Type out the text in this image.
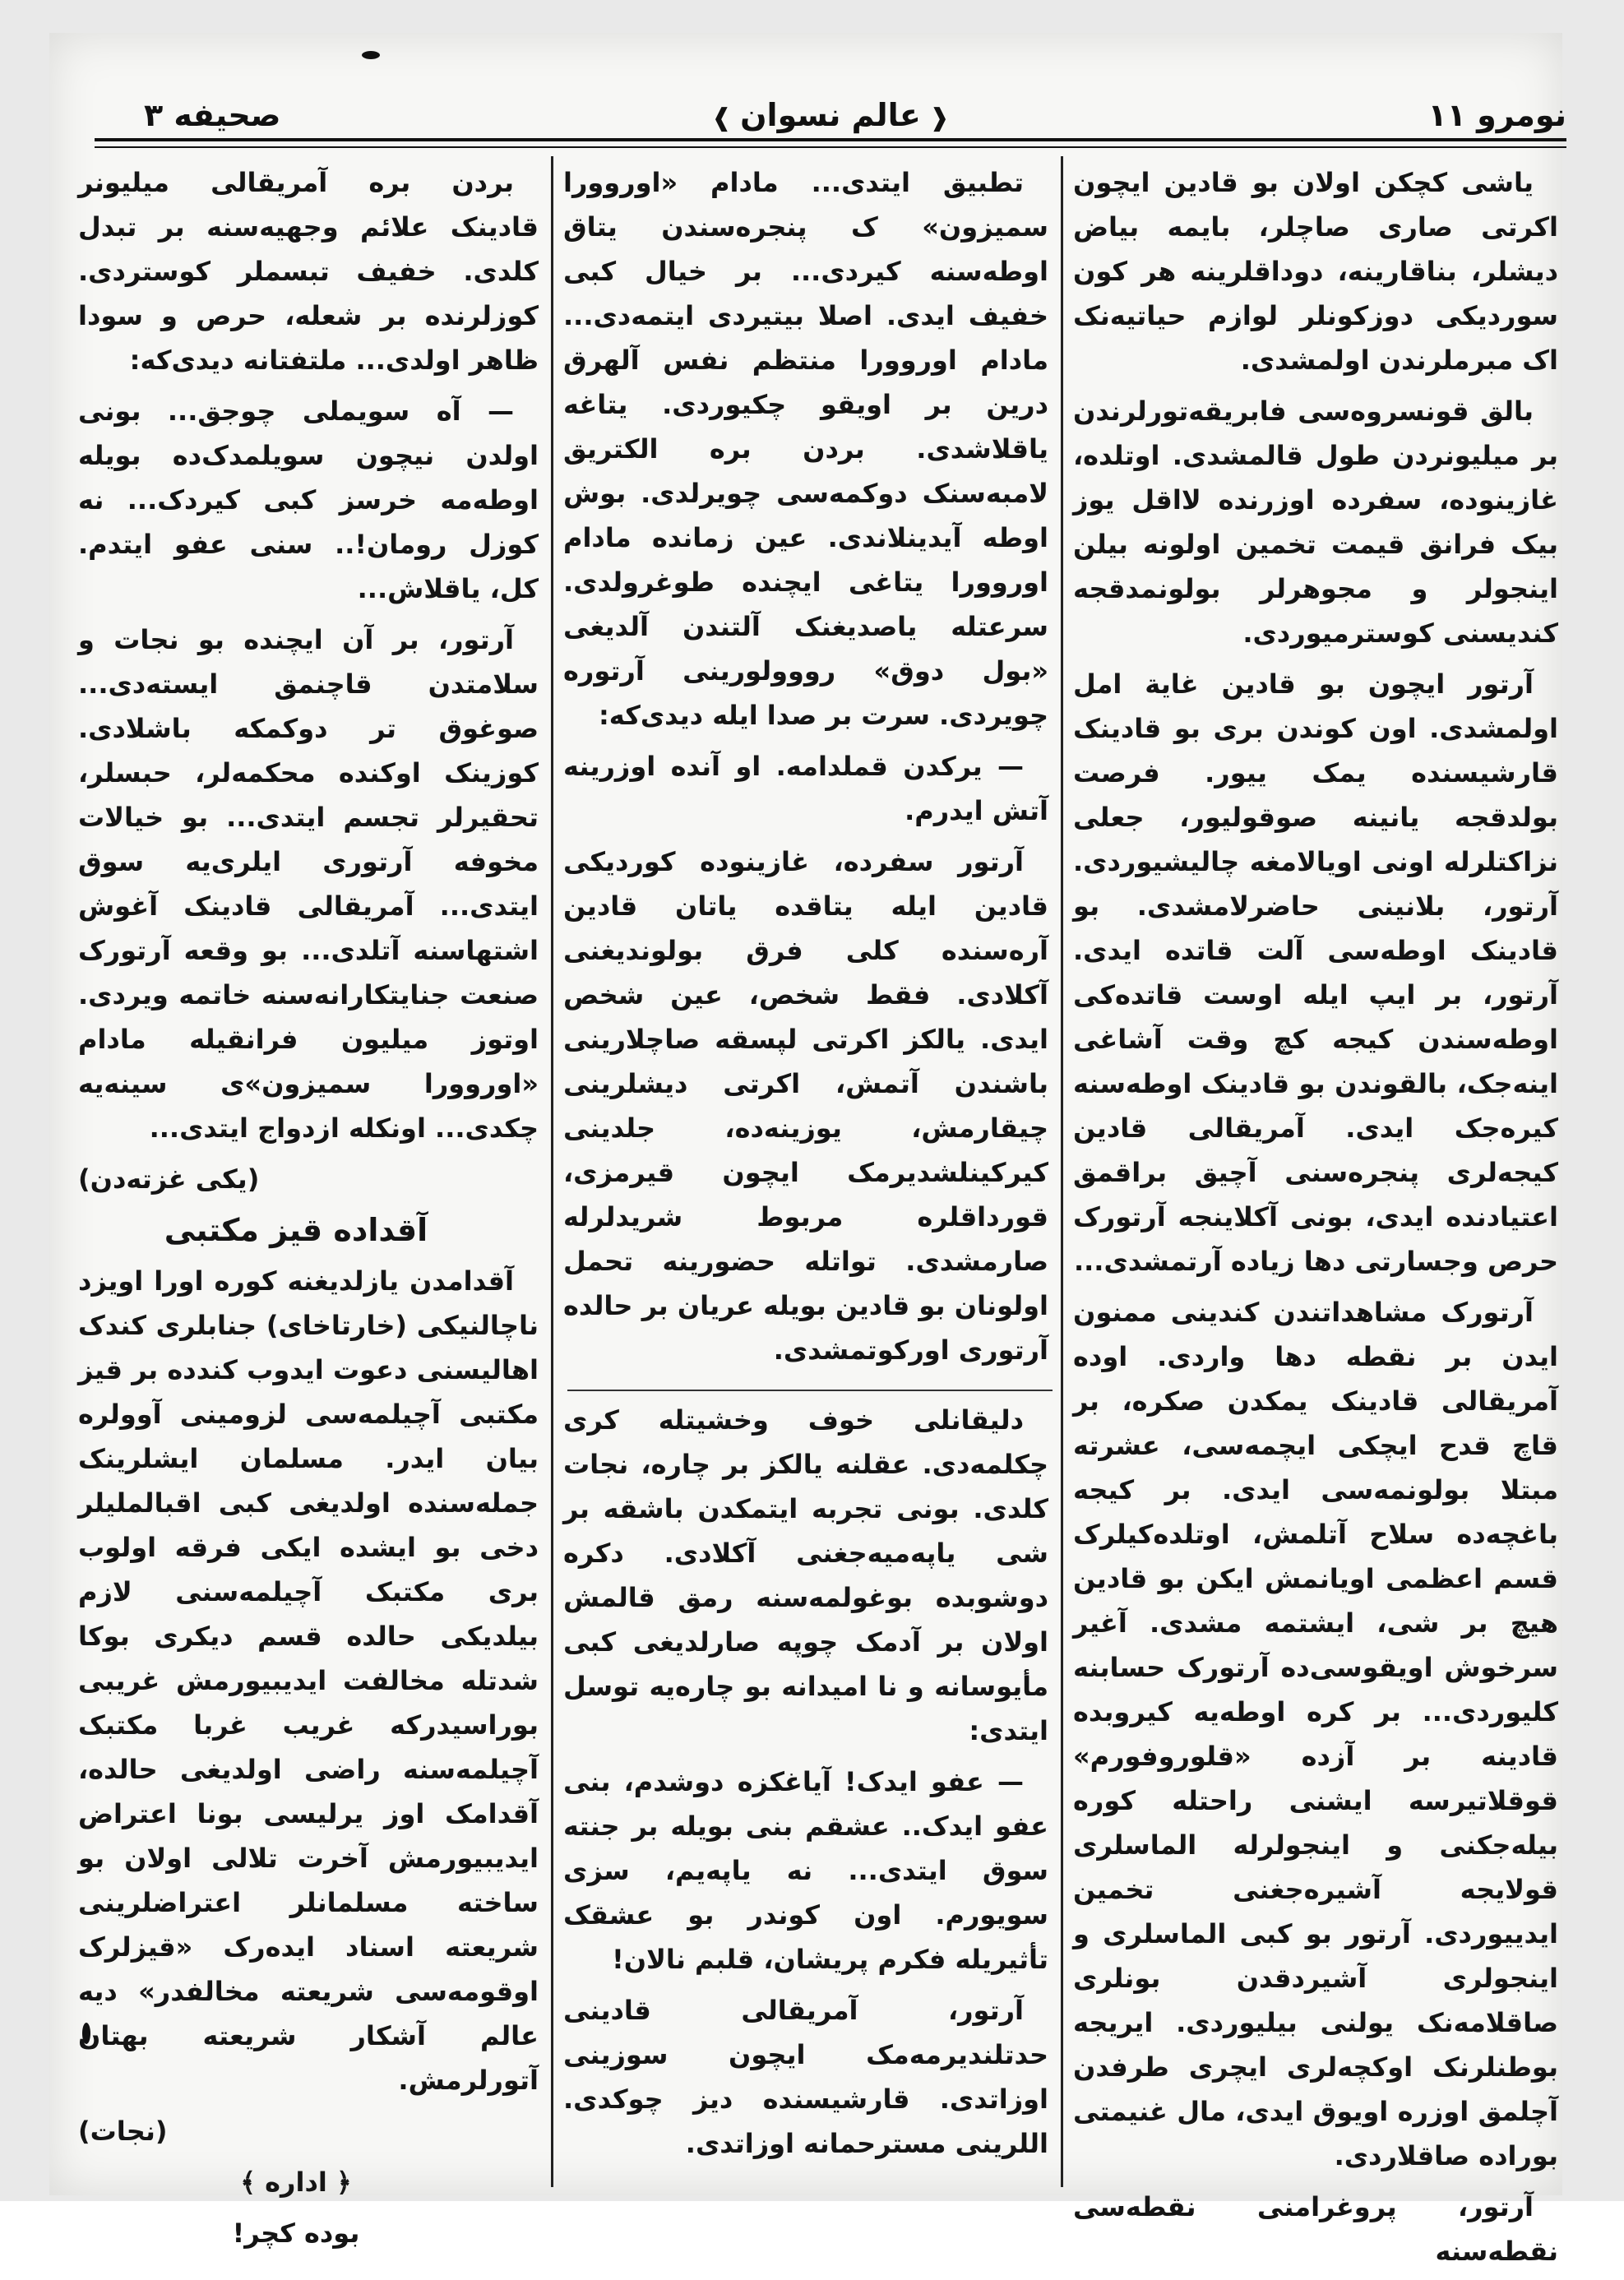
نومرو ۱۱
❰عالم نسوان❱
صحیفه ۳

یاشی کچکن اولان بو قادین ایچون اکرتی صاری صاچلر، بایمه بیاض دیشلر، بناقارینه، دوداقلرینه هر کون سوردیکی دوزکونلر لوازم حیاتیه‌نک اک مبرملرندن اولمشدی.

بالق قونسروه‌سی فابریقه‌تورلرندن بر میلیونردن طول قالمشدی. اوتلده، غازینوده، سفرده اوزرنده لااقل یوز بیک فرانق قیمت تخمین اولونه بیلن اینجولر و مجوهرلر بولونمدقجه کندیسنی کوسترمیوردی.

آرتور ایچون بو قادین غایة امل اولمشدی. اون کوندن بری بو قادینک قارشیسنده یمک ییور. فرصت بولدقجه یانینه صوقولیور، جعلی نزاکتلرله اونی اویالامغه چالیشیوردی. آرتور، بلانینی حاضرلامشدی. بو قادینک اوطه‌سی آلت قاتده ایدی. آرتور، بر ایپ ایله اوست قاتده‌کی اوطه‌سندن کیجه کچ وقت آشاغی اینه‌جک، بالقوندن بو قادینک اوطه‌سنه کیره‌جک ایدی. آمریقالی قادین کیجه‌لری پنجره‌سنی آچیق براقمق اعتیادنده ایدی، بونی آکلاینجه آرتورک حرص وجسارتی دها زیاده آرتمشدی...

آرتورک مشاهداتندن کندینی ممنون ایدن بر نقطه دها واردی. اوده آمریقالی قادینک یمکدن صکره، بر قاچ قدح ایچکی ایچمه‌سی، عشرته مبتلا بولونمه‌سی ایدی. بر کیجه باغچه‌ده سلاح آتلمش، اوتلده‌کیلرک قسم اعظمی اویانمش ایکن بو قادین هیچ بر شی، ایشتمه مشدی. آغیر سرخوش اویقوسی‌ده آرتورک حسابنه کلیوردی... بر کره اوطه‌یه کیروبده قادینه بر آزده «قلوروفورم» قوقلاتیرسه ایشنی راحتله کوره بیله‌جکنی و اینجولرله الماسلری قولایجه آشیره‌جغنی تخمین ایدییوردی. آرتور بو کبی الماسلری و اینجولری آشیردقدن بونلری صاقلامه‌نک یولنی بیلیوردی. ایریجه بوطنلرنک اوکچه‌لری ایچری طرفدن آچلمق اوزره اویوق ایدی، مال غنیمتی بوراده صاقلاردی.

آرتور، پروغرامنی نقطه‌سی نقطه‌سنه

تطبیق ایتدی... مادام «اوروورا سمیزون» ک پنجره‌سندن یتاق اوطه‌سنه کیردی... بر خیال کبی خفیف ایدی. اصلا بیتیردی ایتمه‌دی... مادام اوروورا منتظم نفس آلهرق درین بر اویقو چکیوردی. یتاغه یاقلاشدی. بردن بره الکتریق لامبه‌سنک دوکمه‌سی چویرلدی. بوش اوطه آیدینلاندی. عین زمانده مادام اوروورا یتاغی ایچنده طوغرولدی. سرعتله یاصدیغنک آلتندن آلدیغی «بول دوق» رووولورینی آرتوره چویردی. سرت بر صدا ایله دیدی‌که:

— یرکدن قملدامه. او آنده اوزرینه آتش ایدرم.

آرتور سفرده، غازینوده کوردیکی قادین ایله یتاقده یاتان قادین آره‌سنده کلی فرق بولوندیغنی آکلادی. فقط شخص، عین شخص ایدی. یالکز اکرتی لپسقه صاچلارینی باشندن آتمش، اکرتی دیشلرینی چیقارمش، یوزینه‌ده، جلدینی کیرکینلشدیرمک ایچون قیرمزی، قورداقلره مربوط شریدلرله صارمشدی. تواتله حضورینه تحمل اولونان بو قادین بویله عریان بر حالده آرتوری اورکوتمشدی.

دلیقانلی خوف وخشیتله کری چکلمه‌دی. عقلنه یالکز بر چاره، نجات کلدی. بونی تجربه ایتمکدن باشقه بر شی یاپه‌میه‌جغنی آکلادی. دکره دوشوبده بوغولمه‌سنه رمق قالمش اولان بر آدمک چوپه صارلدیغی کبی مأیوسانه و نا امیدانه بو چاره‌یه توسل ایتدی:

— عفو ایدک! آیاغکزه دوشدم، بنی عفو ایدک.. عشقم بنی بویله بر جنته سوق ایتدی... نه یاپه‌یم، سزی سویورم. اون کوندر بو عشقک تأثیریله فکرم پریشان، قلبم نالان!

آرتور، آمریقالی قادینی حدتلندیرمه‌مک ایچون سوزینی اوزاتدی. قارشیسنده دیز چوکدی. اللرینی مسترحمانه اوزاتدی.

بردن بره آمریقالی میلیونر قادینک علائم وجهیه‌سنه بر تبدل کلدی. خفیف تبسملر کوستردی. کوزلرنده بر شعله، حرص و سودا ظاهر اولدی... ملتفتانه دیدی‌که:

— آه سویملی چوجق... بونی اولدن نیچون سویلمدک‌ده بویله اوطه‌مه خرسز کبی کیردک... نه کوزل رومان!.. سنی عفو ایتدم. کل، یاقلاش...

آرتور، بر آن ایچنده بو نجات و سلامتدن قاچنمق ایسته‌دی... صوغوق تر دوکمکه باشلادی. کوزینک اوکنده محکمه‌لر، حبسلر، تحقیرلر تجسم ایتدی... بو خیالات مخوفه آرتوری ایلری‌یه سوق ایتدی... آمریقالی قادینک آغوش اشتهاسنه آتلدی... بو وقعه آرتورک صنعت جنایتکارانه‌سنه خاتمه ویردی. اوتوز میلیون فرانقیله مادام «اوروورا سمیزون»ی سینه‌یه چکدی... اونکله ازدواج ایتدی...

(یکی غزته‌دن)

آقداده قیز مکتبی

آقدامدن یازلدیغنه کوره اورا اویزد ناچالنیکی (خارتاخای) جنابلری کندک اهالیسنی دعوت ایدوب کندده بر قیز مکتبی آچیلمه‌سی لزومینی آوولره بیان ایدر. مسلمان ایشلرینک جمله‌سنده اولدیغی کبی اقبالملیلر دخی بو ایشده ایکی فرقه اولوب بری مکتبک آچیلمه‌سنی لازم بیلدیکی حالده قسم دیکری بوکا شدتله مخالفت ایدیبیورمش غریبی بوراسیدرکه غریب غربا مکتبک آچیلمه‌سنه راضی اولدیغی حالده، آقدامک اوز یرلیسی بونا اعتراض ایدیبیورمش آخرت تلالی اولان بو ساخته مسلمانلر اعتراضلرینی شریعته اسناد ایده‌رک «قیزلرک اوقومه‌سی شریعته مخالفدر» دیه عالم آشکار شریعته بهتان آتورلرمش.

(نجات)

﴿ اداره ﴾

بوده کچر!
